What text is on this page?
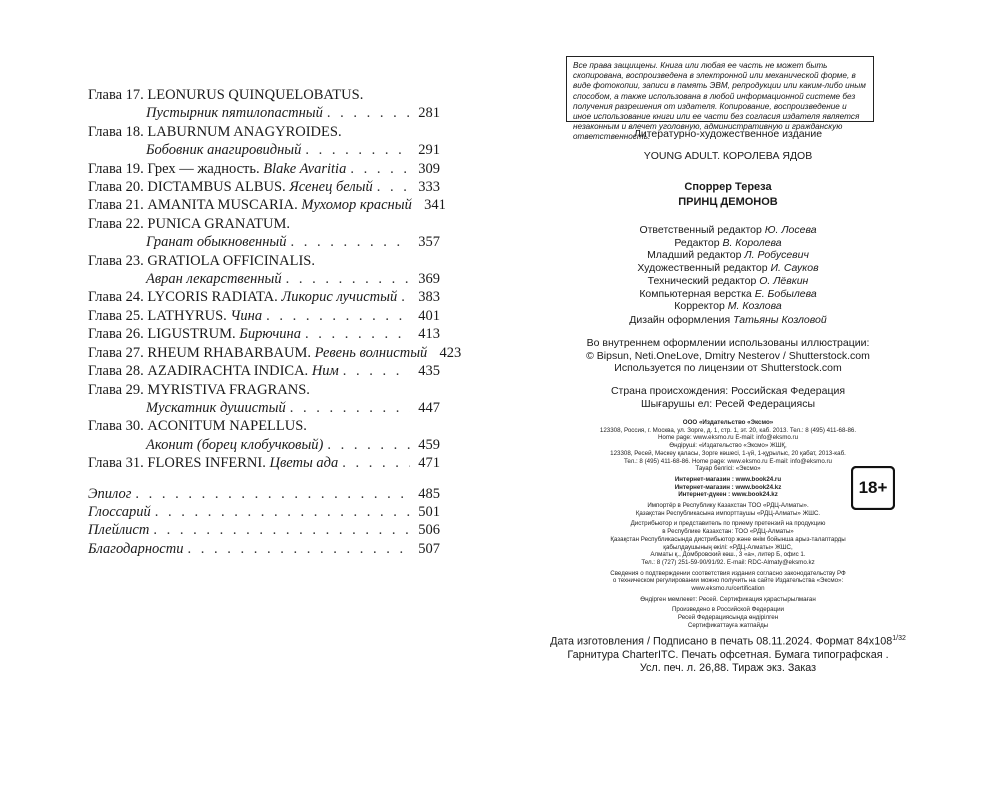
Глава 17. LEONURUS QUINQUELOBATUS.
Пустырник пятилопастный . . .	281
Глава 18. LABURNUM ANAGYROIDES.
Бобовник анагировидный . . .	291
Глава 19. Грех — жадность.
Blake Avaritia . . .	309
Глава 20. DICTAMBUS ALBUS.
Ясенец белый . . .	333
Глава 21. AMANITA MUSCARIA.
Мухомор красный 341
Глава 22. PUNICA GRANATUM.
Гранат обыкновенный . . .	357
Глава 23. GRATIOLA OFFICINALIS.
Авран лекарственный . . .	369
Глава 24. LYCORIS RADIATA.
Ликорис лучистый . . . 383
Глава 25. LATHYRUS.
Чина . . .	401
Глава 26. LIGUSTRUM.
Бирючина . . .	413
Глава 27. RHEUM RHABARBAUM.
Ревень волнистый 423
Глава 28. AZADIRACHTA INDICA.
Ним . . .	435
Глава 29. MYRISTIVA FRAGRANS.
Мускатник душистый . . .	447
Глава 30. ACONITUM NAPELLUS.
Аконит (борец клобучковый) . . .	459
Глава 31. FLORES INFERNI.
Цветы ада . . .	471
Эпилог . . .	485
Глоссарий . . .	501
Плейлист . . .	506
Благодарности . . .	507
Все права защищены. Книга или любая ее часть не может быть скопирована, воспроизведена в электронной или механической форме, в виде фотокопии, записи в память ЭВМ, репродукции или каким-либо иным способом, а также использована в любой информационной системе без получения разрешения от издателя. Копирование, воспроизведение и иное использование книги или ее части без согласия издателя является незаконным и влечет уголовную, административную и гражданскую ответственность.
Литературно-художественное издание
YOUNG ADULT. КОРОЛЕВА ЯДОВ
Споррер Тереза
ПРИНЦ ДЕМОНОВ
Ответственный редактор Ю. Лосева
Редактор В. Королева
Младший редактор Л. Робусевич
Художественный редактор И. Сауков
Технический редактор О. Лёвкин
Компьютерная верстка Е. Бобылева
Корректор М. Козлова
Дизайн оформления Татьяны Козловой
Во внутреннем оформлении использованы иллюстрации:
© Bipsun, Neti.OneLove, Dmitry Nesterov / Shutterstock.com
Используется по лицензии от Shutterstock.com
Страна происхождения: Российская Федерация
Шығарушы ел: Ресей Федерациясы

ООО «Издательство «Эксмо»

123308, Россия, г. Москва, ул. Зорге, д. 1, стр. 1, эт. 20, каб. 2013. Тел.: 8 (495) 411-68-86.

Home page: www.eksmo.ru E-mail: info@eksmo.ru

Өндіруші: «Издательство «Эксмо» ЖШҚ,

123308, Ресей, Мәскеу қаласы, Зорге көшесі, 1-үй, 1-құрылыс, 20 қабат, 2013-каб.

Тел.: 8 (495) 411-68-86. Home page: www.eksmo.ru E-mail: info@eksmo.ru

Тауар белгісі: «Эксмо»

Интернет-магазин : www.book24.ru

Интернет-магазин : www.book24.kz

Интернет-дүкен : www.book24.kz

Импортёр в Республику Казахстан ТОО «РДЦ-Алматы».

Қазақстан Республикасына импорттаушы «РДЦ-Алматы» ЖШС.

Дистрибьютор и представитель по приему претензий на продукцию

в Республике Казахстан: ТОО «РДЦ-Алматы»

Қазақстан Республикасында дистрибьютор және өнім бойынша арыз-талаптарды

қабылдаушының өкілі: «РДЦ-Алматы» ЖШС,

Алматы қ., Домбровский көш., 3 «а», литер Б, офис 1.

Тел.: 8 (727) 251-59-90/91/92. E-mail: RDC-Almaty@eksmo.kz

Сведения о подтверждении соответствия издания согласно законодательству РФ

о техническом регулировании можно получить на сайте Издательства «Эксмо»:

www.eksmo.ru/certification

Өндірген мемлекет: Ресей. Сертификация қарастырылмаған

Произведено в Российской Федерации

Ресей Федерациясында өндірілген

Сертификаттауға жатпайды

18+

Дата изготовления / Подписано в печать 08.11.2024. Формат $84x108^{1/32}$

Гарнитура CharterITC. Печать офсетная. Бумага типографская .

Усл. печ. л. 26,88. Тираж экз. Заказ
